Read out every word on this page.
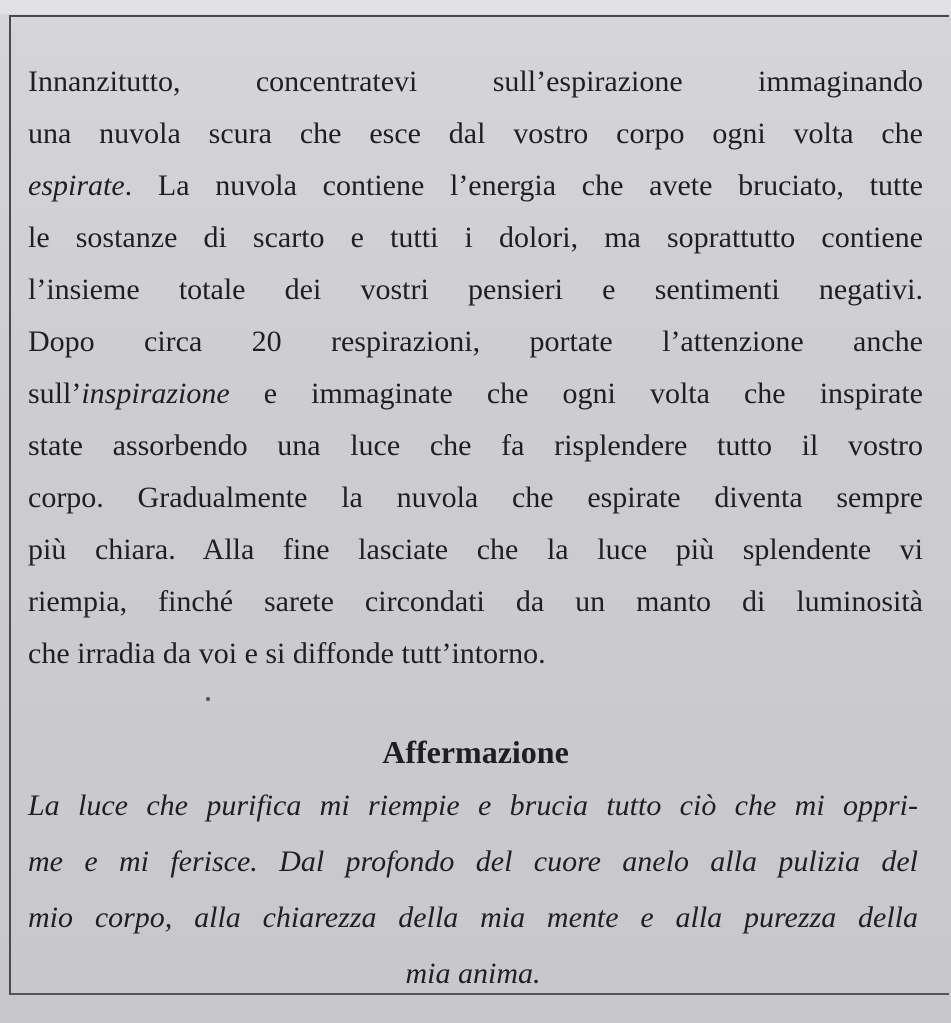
Innanzitutto, concentratevi sull’espirazione immaginando
una nuvola scura che esce dal vostro corpo ogni volta che
espirate. La nuvola contiene l’energia che avete bruciato, tutte
le sostanze di scarto e tutti i dolori, ma soprattutto contiene
l’insieme totale dei vostri pensieri e sentimenti negativi.
Dopo circa 20 respirazioni, portate l’attenzione anche
sull’inspirazione e immaginate che ogni volta che inspirate
state assorbendo una luce che fa risplendere tutto il vostro
corpo. Gradualmente la nuvola che espirate diventa sempre
più chiara. Alla fine lasciate che la luce più splendente vi
riempia, finché sarete circondati da un manto di luminosità
che irradia da voi e si diffonde tutt’intorno.
Affermazione
La luce che purifica mi riempie e brucia tutto ciò che mi oppri-
me e mi ferisce. Dal profondo del cuore anelo alla pulizia del
mio corpo, alla chiarezza della mia mente e alla purezza della
mia anima.
